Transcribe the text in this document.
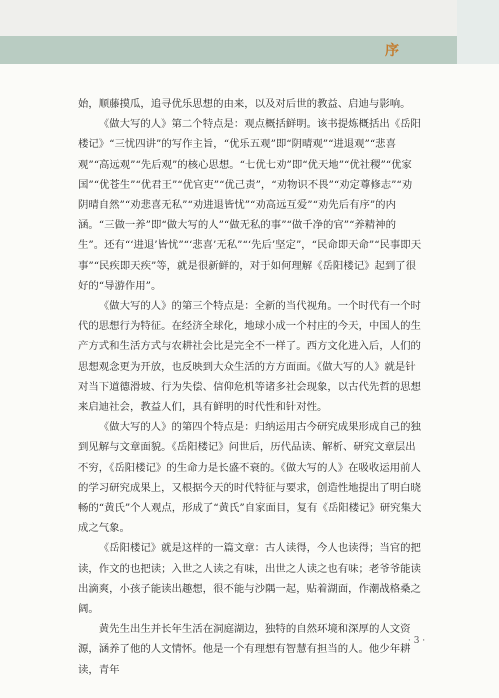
序

始，顺藤摸瓜，追寻优乐思想的由来，以及对后世的教益、启迪与影响。

《做大写的人》第二个特点是：观点概括鲜明。该书提炼概括出《岳阳楼记》“三忧四讲”的写作主旨，“优乐五观”即“阴晴观”“进退观”“悲喜观”“高远观”“先后观”的核心思想。“七优七劝”即“优天地”“优社稷”“优家国”“优苍生”“优君王”“优官吏”“优己责”，“劝物识不畏”“劝定尊修志”“劝阴晴自然”“劝悲喜无私”“劝进退皆忧”“劝高远互爱”“劝先后有序”的内涵。“三做一养”即“做大写的人”“做无私的事”“做千净的官”“养精神的生”。还有“‘进退’皆忧”“‘悲喜’无私”“‘先后’坚定”，“民命即天命”“民事即天事”“民疾即天疾”等，就是很新鲜的，对于如何理解《岳阳楼记》起到了很好的“导游作用”。

《做大写的人》的第三个特点是：全新的当代视角。一个时代有一个时代的思想行为特征。在经济全球化，地球小成一个村庄的今天，中国人的生产方式和生活方式与农耕社会比是完全不一样了。西方文化进入后，人们的思想观念更为开放，也反映到大众生活的方方面面。《做大写的人》就是针对当下道德滑坡、行为失偿、信仰危机等诸多社会现象，以古代先哲的思想来启迪社会，教益人们，具有鲜明的时代性和针对性。

《做大写的人》的第四个特点是：归纳运用古今研究成果形成自己的独到见解与文章面貌。《岳阳楼记》问世后，历代品读、解析、研究文章层出不穷，《岳阳楼记》的生命力是长盛不衰的。《做大写的人》在吸收运用前人的学习研究成果上，又根据今天的时代特征与要求，创造性地提出了明白晓畅的“黄氏”个人观点，形成了“黄氏”自家面目，复有《岳阳楼记》研究集大成之气象。

《岳阳楼记》就是这样的一篇文章：古人读得，今人也读得；当官的把读，作文的也把读；入世之人读之有味，出世之人读之也有味；老爷爷能读出滴爽，小孩子能读出趣想，很不能与沙隅一起，贴着湖面，作潮战格桑之阔。

黄先生出生并长年生活在洞庭湖边，独特的自然环境和深厚的人文资源，涵养了他的人文情怀。他是一个有理想有智慧有担当的人。他少年耕读，青年

· 3 ·
